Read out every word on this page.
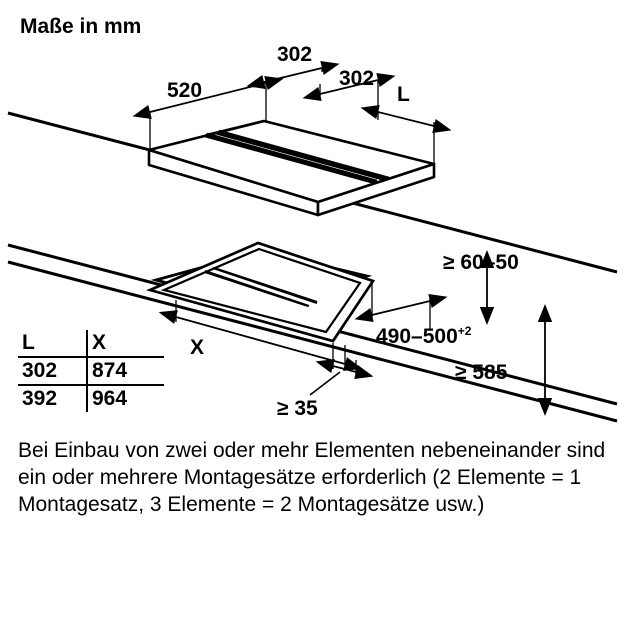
Maße in mm
520
302
302
L
≥ 60–50
X	$490-500^{+2}$
≥ 585
≥ 35
L	X
302	874
392	964
Bei Einbau von zwei oder mehr Elementen nebeneinander sind ein oder mehrere Montagesätze erforderlich (2 Elemente = 1 Montagesatz, 3 Elemente = 2 Montagesätze usw.)
